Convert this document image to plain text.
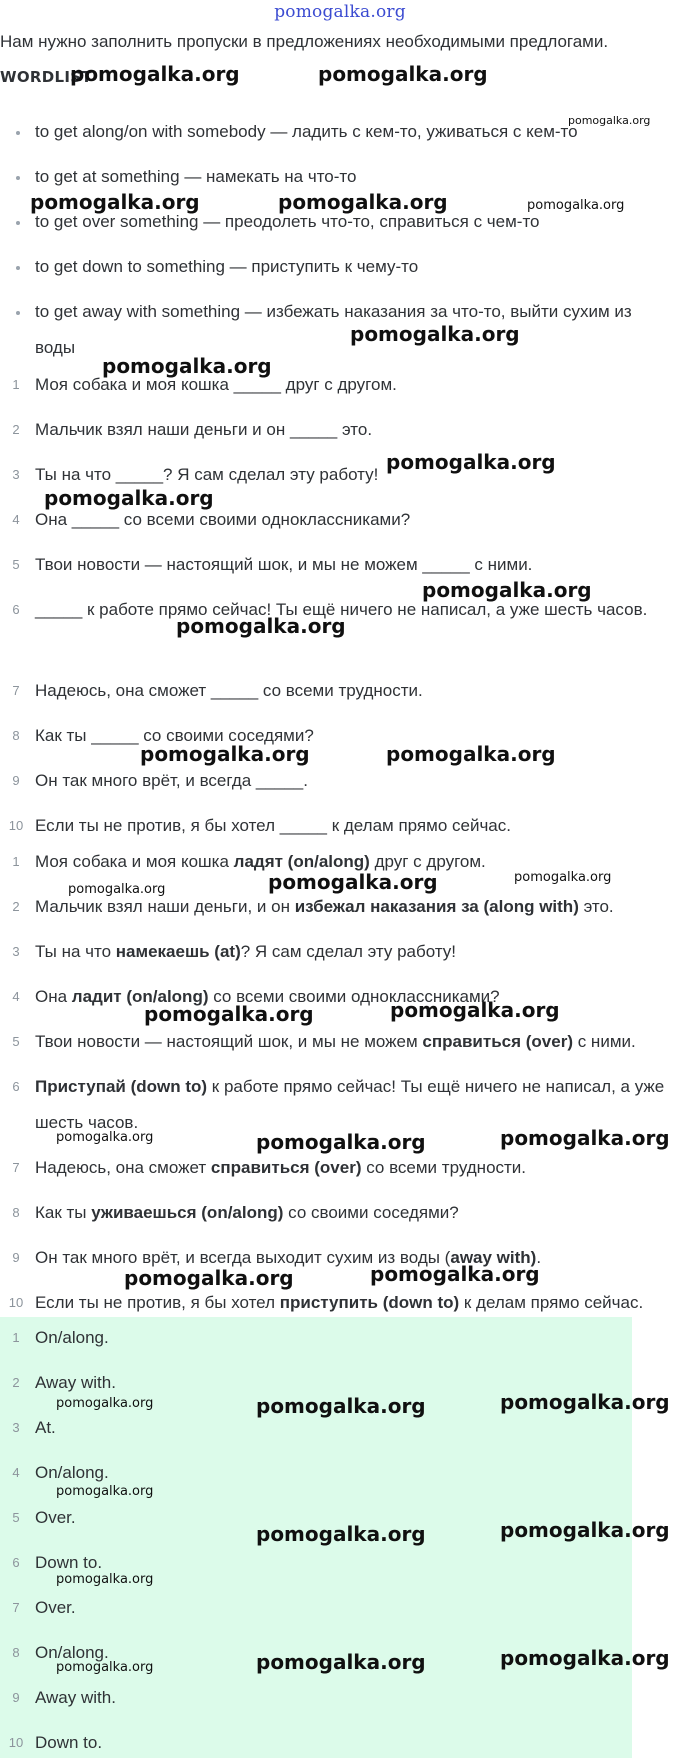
pomogalka.org
Нам нужно заполнить пропуски в предложениях необходимыми предлогами.
WORDLIST
to get along/on with somebody — ладить с кем-то, уживаться с кем-то
to get at something — намекать на что-то
to get over something — преодолеть что-то, справиться с чем-то
to get down to something — приступить к чему-то
to get away with something — избежать наказания за что-то, выйти сухим из воды
1 Моя собака и моя кошка _____ друг с другом.
2 Мальчик взял наши деньги и он _____ это.
3 Ты на что _____? Я сам сделал эту работу!
4 Она _____ со всеми своими одноклассниками?
5 Твои новости — настоящий шок, и мы не можем _____ с ними.
6 _____ к работе прямо сейчас! Ты ещё ничего не написал, а уже шесть часов.
7 Надеюсь, она сможет _____ со всеми трудности.
8 Как ты _____ со своими соседями?
9 Он так много врёт, и всегда _____.
10 Если ты не против, я бы хотел _____ к делам прямо сейчас.
1 Моя собака и моя кошка ладят (on/along) друг с другом.
2 Мальчик взял наши деньги, и он избежал наказания за (along with) это.
3 Ты на что намекаешь (at)? Я сам сделал эту работу!
4 Она ладит (on/along) со всеми своими одноклассниками?
5 Твои новости — настоящий шок, и мы не можем справиться (over) с ними.
6 Приступай (down to) к работе прямо сейчас! Ты ещё ничего не написал, а уже шесть часов.
7 Надеюсь, она сможет справиться (over) со всеми трудности.
8 Как ты уживаешься (on/along) со своими соседями?
9 Он так много врёт, и всегда выходит сухим из воды (away with).
10 Если ты не против, я бы хотел приступить (down to) к делам прямо сейчас.
1 On/along.
2 Away with.
3 At.
4 On/along.
5 Over.
6 Down to.
7 Over.
8 On/along.
9 Away with.
10 Down to.
pomogalka.org	pomogalka.org
pomogalka.org
pomogalka.org	pomogalka.org	pomogalka.org
pomogalka.org
pomogalka.org
pomogalka.org
pomogalka.org
pomogalka.org
pomogalka.org
pomogalka.org	pomogalka.org
pomogalka.org
pomogalka.org
pomogalka.org
pomogalka.org	pomogalka.org
pomogalka.org	pomogalka.org	pomogalka.org
pomogalka.org	pomogalka.org
pomogalka.org	pomogalka.org	pomogalka.org
pomogalka.org
pomogalka.org	pomogalka.org
pomogalka.org
pomogalka.org	pomogalka.org	pomogalka.org
